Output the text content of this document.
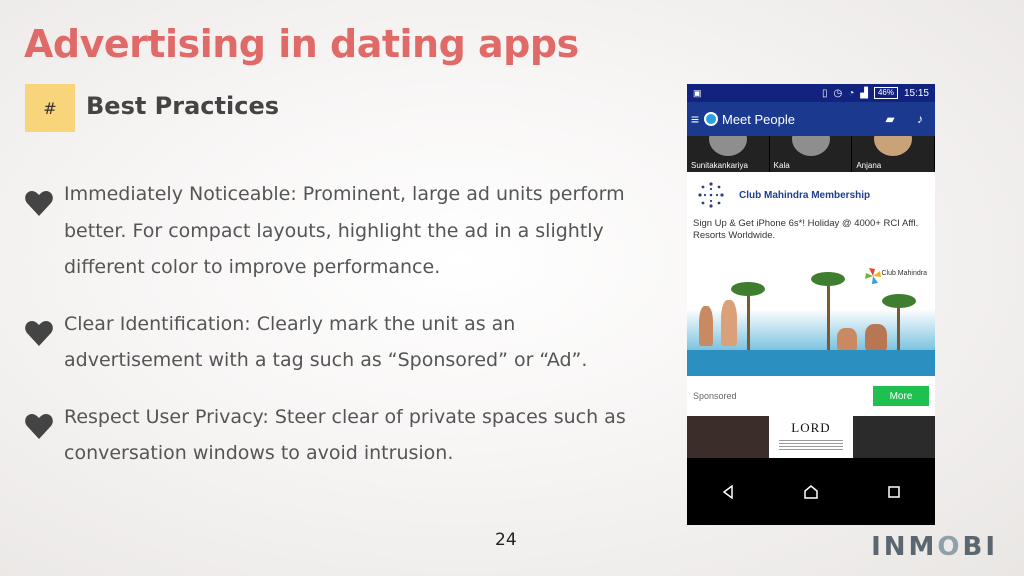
Advertising in dating apps
# Best Practices
Immediately Noticeable: Prominent, large ad units perform better. For compact layouts, highlight the ad in a slightly different color to improve performance.
Clear Identification: Clearly mark the unit as an advertisement with a tag such as “Sponsored” or “Ad”.
Respect User Privacy: Steer clear of private spaces such as conversation windows to avoid intrusion.
▣	▯ ◷ ◔ ▟	46%	15:15
≡	Meet People	▰	♪
Sunitakankariya	Kala	Anjana
Club Mahindra Membership
Sign Up & Get iPhone 6s*! Holiday @ 4000+ RCI Affl. Resorts Worldwide.
Club Mahindra
Sponsored	More
LORD
24	INMOBI
